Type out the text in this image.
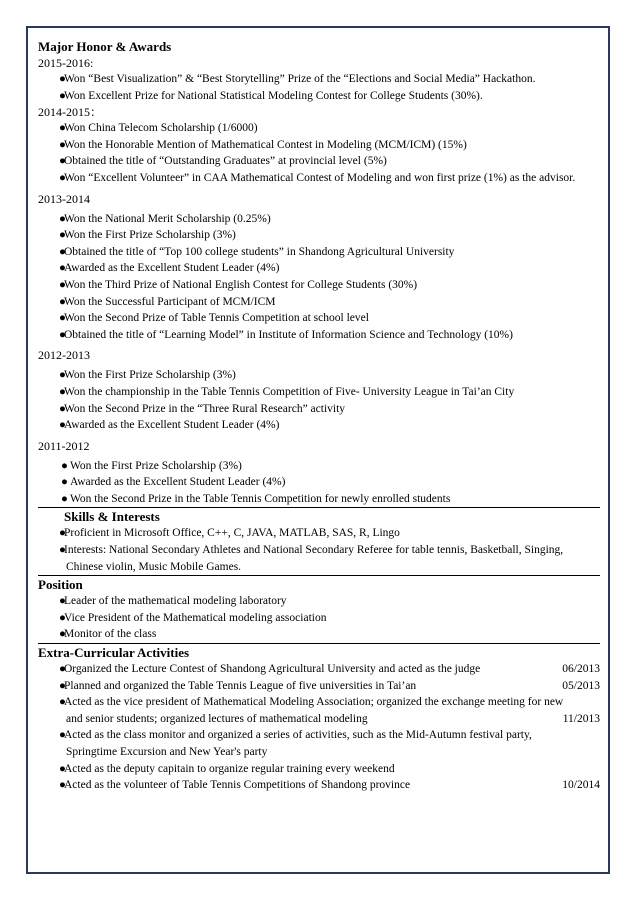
Major Honor & Awards
2015-2016:
●
Won “Best Visualization” & “Best Storytelling” Prize of the “Elections and Social Media” Hackathon.
●
Won Excellent Prize for National Statistical Modeling Contest for College Students (30%).
2014-2015：
●
Won China Telecom Scholarship (1/6000)
●
Won the Honorable Mention of Mathematical Contest in Modeling (MCM/ICM) (15%)
●
Obtained the title of “Outstanding Graduates” at provincial level (5%)
●
Won “Excellent Volunteer” in CAA Mathematical Contest of Modeling and won first prize (1%) as the advisor.
2013-2014
●
Won the National Merit Scholarship (0.25%)
●
Won the First Prize Scholarship (3%)
●
Obtained the title of “Top 100 college students” in Shandong Agricultural University
●
Awarded as the Excellent Student Leader (4%)
●
Won the Third Prize of National English Contest for College Students (30%)
●
Won the Successful Participant of MCM/ICM
●
Won the Second Prize of Table Tennis Competition at school level
●
Obtained the title of “Learning Model” in Institute of Information Science and Technology (10%)
2012-2013
●
Won the First Prize Scholarship (3%)
●
Won the championship in the Table Tennis Competition of Five- University League in Tai’an City
●
Won the Second Prize in the “Three Rural Research” activity
●
Awarded as the Excellent Student Leader (4%)
2011-2012
● Won the First Prize Scholarship (3%)
● Awarded as the Excellent Student Leader (4%)
● Won the Second Prize in the Table Tennis Competition for newly enrolled students
Skills & Interests
●
Proficient in Microsoft Office, C++, C, JAVA, MATLAB, SAS, R, Lingo
●
Interests: National Secondary Athletes and National Secondary Referee for table tennis, Basketball, Singing,
Chinese violin, Music Mobile Games.
Position
●
Leader of the mathematical modeling laboratory
●
Vice President of the Mathematical modeling association
●
Monitor of the class
Extra-Curricular Activities
●
Organized the Lecture Contest of Shandong Agricultural University and acted as the judge	06/2013
●
Planned and organized the Table Tennis League of five universities in Tai’an	05/2013
●
Acted as the vice president of Mathematical Modeling Association; organized the exchange meeting for new
and senior students; organized lectures of mathematical modeling	11/2013
●
Acted as the class monitor and organized a series of activities, such as the Mid-Autumn festival party,
Springtime Excursion and New Year's party
●
Acted as the deputy capitain to organize regular training every weekend
●
Acted as the volunteer of Table Tennis Competitions of Shandong province	10/2014
